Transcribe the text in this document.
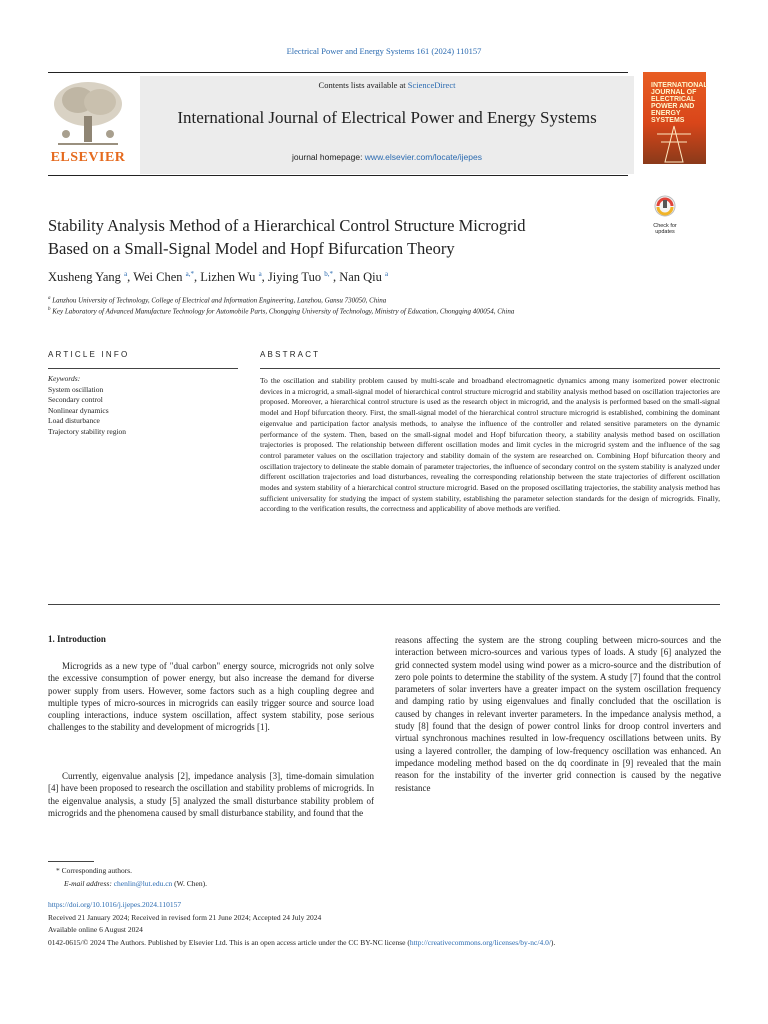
Electrical Power and Energy Systems 161 (2024) 110157
ELSEVIER
Contents lists available at ScienceDirect
International Journal of Electrical Power and Energy Systems
journal homepage: www.elsevier.com/locate/ijepes
INTERNATIONAL JOURNAL OF ELECTRICAL POWER AND ENERGY SYSTEMS
Check for updates
Stability Analysis Method of a Hierarchical Control Structure Microgrid
Based on a Small-Signal Model and Hopf Bifurcation Theory
Xusheng Yang $^a$, Wei Chen $^{a,*}$, Lizhen Wu $^a$, Jiying Tuo $^{b,*}$, Nan Qiu $^a$
$^a$ Lanzhou University of Technology, College of Electrical and Information Engineering, Lanzhou, Gansu 730050, China
$^b$ Key Laboratory of Advanced Manufacture Technology for Automobile Parts, Chongqing University of Technology, Ministry of Education, Chongqing 400054, China
ARTICLE INFO	ABSTRACT
Keywords:
System oscillation
Secondary control
Nonlinear dynamics
Load disturbance
Trajectory stability region
To the oscillation and stability problem caused by multi-scale and broadband electromagnetic dynamics among many isomerized power electronic devices in a microgrid, a small-signal model of hierarchical control structure microgrid and stability analysis method based on oscillation trajectories are proposed. Moreover, a hierarchical control structure is used as the research object in microgrid, and the analysis is performed based on the small-signal model and Hopf bifurcation theory. First, the small-signal model of the hierarchical control structure microgrid is established, combining the dominant eigenvalue and participation factor analysis methods, to analyse the influence of the controller and related sensitive parameters on the dynamic performance of the system. Then, based on the small-signal model and Hopf bifurcation theory, a stability analysis method based on oscillation trajectories is proposed. The relationship between different oscillation modes and limit cycles in the microgrid system and the influence of the sag control parameter values on the oscillation trajectory and stability domain of the system are researched on. Combining Hopf bifurcation theory and oscillation trajectory to delineate the stable domain of parameter trajectories, the influence of secondary control on the system stability is analyzed under different oscillation trajectories and load disturbances, revealing the corresponding relationship between the state trajectories of different oscillation modes and system stability of a hierarchical control structure microgrid. Based on the proposed oscillating trajectories, the stability analysis method has sufficient universality for studying the impact of system stability, establishing the parameter selection standards for the design of microgrids. Finally, according to the verification results, the correctness and applicability of above methods are verified.
1. Introduction
Microgrids as a new type of "dual carbon" energy source, microgrids not only solve the excessive consumption of power energy, but also increase the demand for diverse power supply from users. However, some factors such as a high coupling degree and multiple types of micro-sources in microgrids can easily trigger source and source load coupling interactions, induce system oscillation, affect system stability, pose serious challenges to the stability and development of microgrids [1].
Currently, eigenvalue analysis [2], impedance analysis [3], time-domain simulation [4] have been proposed to research the oscillation and stability problems of microgrids. In the eigenvalue analysis, a study [5] analyzed the small disturbance stability problem of microgrids and the phenomena caused by small disturbance stability, and found that the
reasons affecting the system are the strong coupling between micro-sources and the interaction between micro-sources and various types of loads. A study [6] analyzed the grid connected system model using wind power as a micro-source and the distribution of zero pole points to determine the stability of the system. A study [7] found that the control parameters of solar inverters have a greater impact on the system oscillation frequency and damping ratio by using eigenvalues and finally concluded that the oscillation is caused by changes in relevant inverter parameters. In the impedance analysis method, a study [8] found that the design of power control links for droop control inverters and virtual synchronous machines resulted in low-frequency oscillations between units. By using a layered controller, the damping of low-frequency oscillation was enhanced. An impedance modeling method based on the dq coordinate in [9] revealed that the main reason for the instability of the inverter grid connection is caused by the negative resistance
* Corresponding authors.
E-mail address: chenlin@lut.edu.cn (W. Chen).
https://doi.org/10.1016/j.ijepes.2024.110157
Received 21 January 2024; Received in revised form 21 June 2024; Accepted 24 July 2024
Available online 6 August 2024
0142-0615/© 2024 The Authors. Published by Elsevier Ltd. This is an open access article under the CC BY-NC license (http://creativecommons.org/licenses/by-nc/4.0/).
